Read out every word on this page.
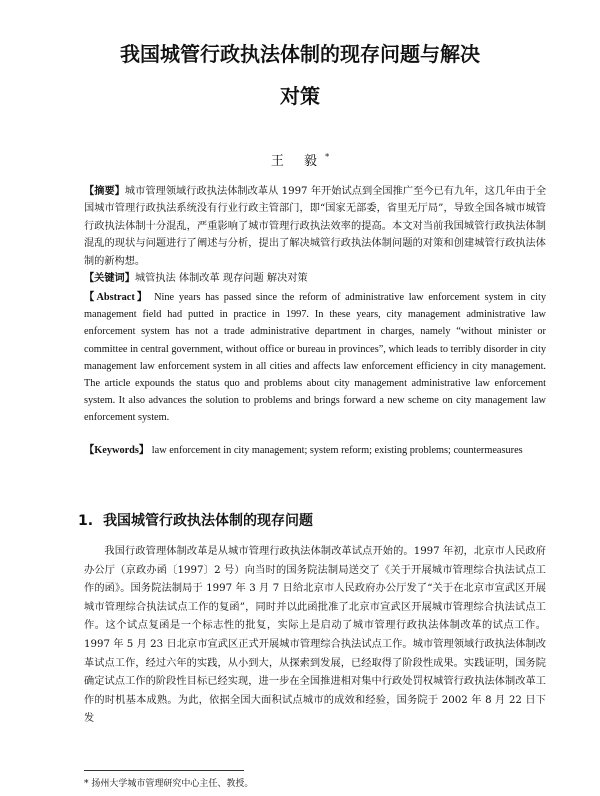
我国城管行政执法体制的现存问题与解决
对策
王 毅*
【摘要】城市管理领域行政执法体制改革从 1997 年开始试点到全国推广至今已有九年，这几年由于全国城市管理行政执法系统没有行业行政主管部门，即“国家无部委，省里无厅局”，导致全国各城市城管行政执法体制十分混乱，严重影响了城市管理行政执法效率的提高。本文对当前我国城管行政执法体制混乱的现状与问题进行了阐述与分析，提出了解决城管行政执法体制问题的对策和创建城管行政执法体制的新构想。
【关键词】城管执法 体制改革 现存问题 解决对策
【Abstract】 Nine years has passed since the reform of administrative law enforcement system in city management field had putted in practice in 1997. In these years, city management administrative law enforcement system has not a trade administrative department in charges, namely “without minister or committee in central government, without office or bureau in provinces”, which leads to terribly disorder in city management law enforcement system in all cities and affects law enforcement efficiency in city management. The article expounds the status quo and problems about city management administrative law enforcement system. It also advances the solution to problems and brings forward a new scheme on city management law enforcement system.
【Keywords】 law enforcement in city management; system reform; existing problems; countermeasures
1. 我国城管行政执法体制的现存问题
我国行政管理体制改革是从城市管理行政执法体制改革试点开始的。1997 年初，北京市人民政府办公厅（京政办函〔1997〕2 号）向当时的国务院法制局送交了《关于开展城市管理综合执法试点工作的函》。国务院法制局于 1997 年 3 月 7 日给北京市人民政府办公厅发了“关于在北京市宣武区开展城市管理综合执法试点工作的复函”，同时并以此函批准了北京市宣武区开展城市管理综合执法试点工作。这个试点复函是一个标志性的批复，实际上是启动了城市管理行政执法体制改革的试点工作。1997 年 5 月 23 日北京市宣武区正式开展城市管理综合执法试点工作。城市管理领域行政执法体制改革试点工作，经过六年的实践，从小到大，从探索到发展，已经取得了阶段性成果。实践证明，国务院确定试点工作的阶段性目标已经实现，进一步在全国推进相对集中行政处罚权城管行政执法体制改革工作的时机基本成熟。为此，依据全国大面积试点城市的成效和经验，国务院于 2002 年 8 月 22 日下发
* 扬州大学城市管理研究中心主任、教授。
